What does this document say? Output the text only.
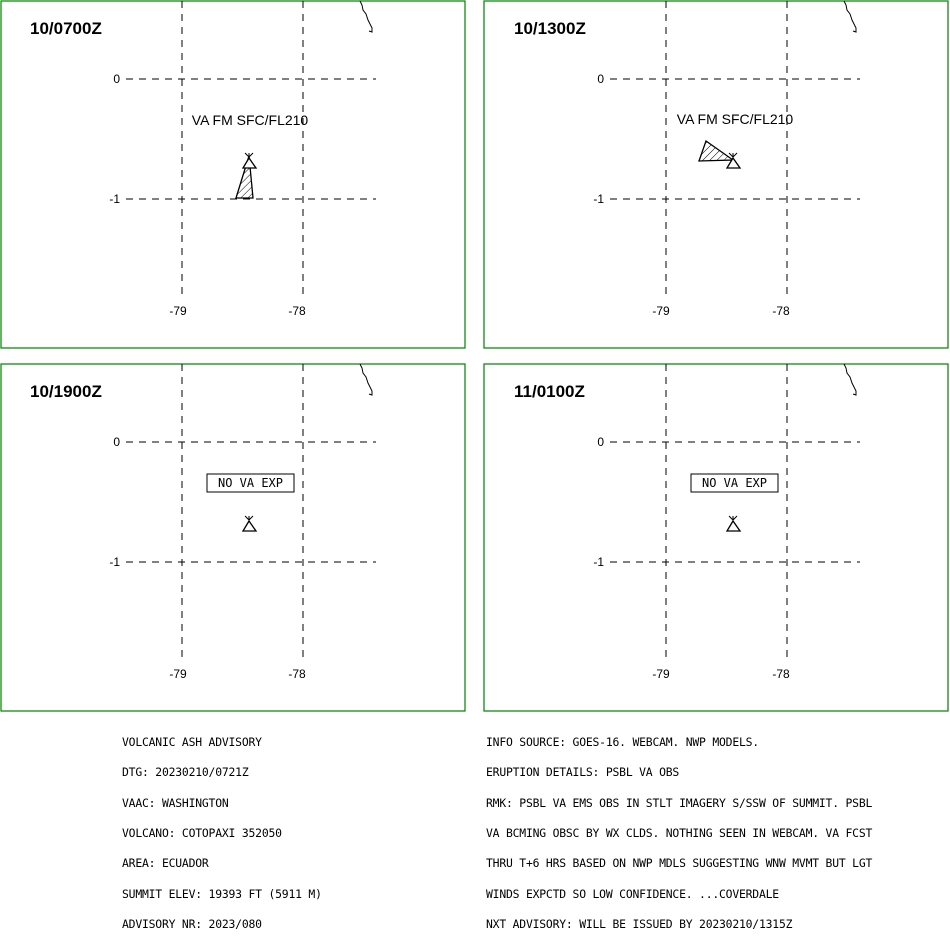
10/0700Z
0
-1
-79	-78
VA FM SFC/FL210
10/1300Z
0
-1
-79	-78
VA FM SFC/FL210
10/1900Z
0
-1
-79	-78
NO VA EXP
11/0100Z
0
-1
-79	-78
NO VA EXP

VOLCANIC ASH ADVISORY

DTG: 20230210/0721Z

VAAC: WASHINGTON

VOLCANO: COTOPAXI 352050

AREA: ECUADOR

SUMMIT ELEV: 19393 FT (5911 M)

ADVISORY NR: 2023/080

INFO SOURCE: GOES-16. WEBCAM. NWP MODELS.

ERUPTION DETAILS: PSBL VA OBS

RMK: PSBL VA EMS OBS IN STLT IMAGERY S/SSW OF SUMMIT. PSBL

VA BCMING OBSC BY WX CLDS. NOTHING SEEN IN WEBCAM. VA FCST

THRU T+6 HRS BASED ON NWP MDLS SUGGESTING WNW MVMT BUT LGT

WINDS EXPCTD SO LOW CONFIDENCE. ...COVERDALE

NXT ADVISORY: WILL BE ISSUED BY 20230210/1315Z
